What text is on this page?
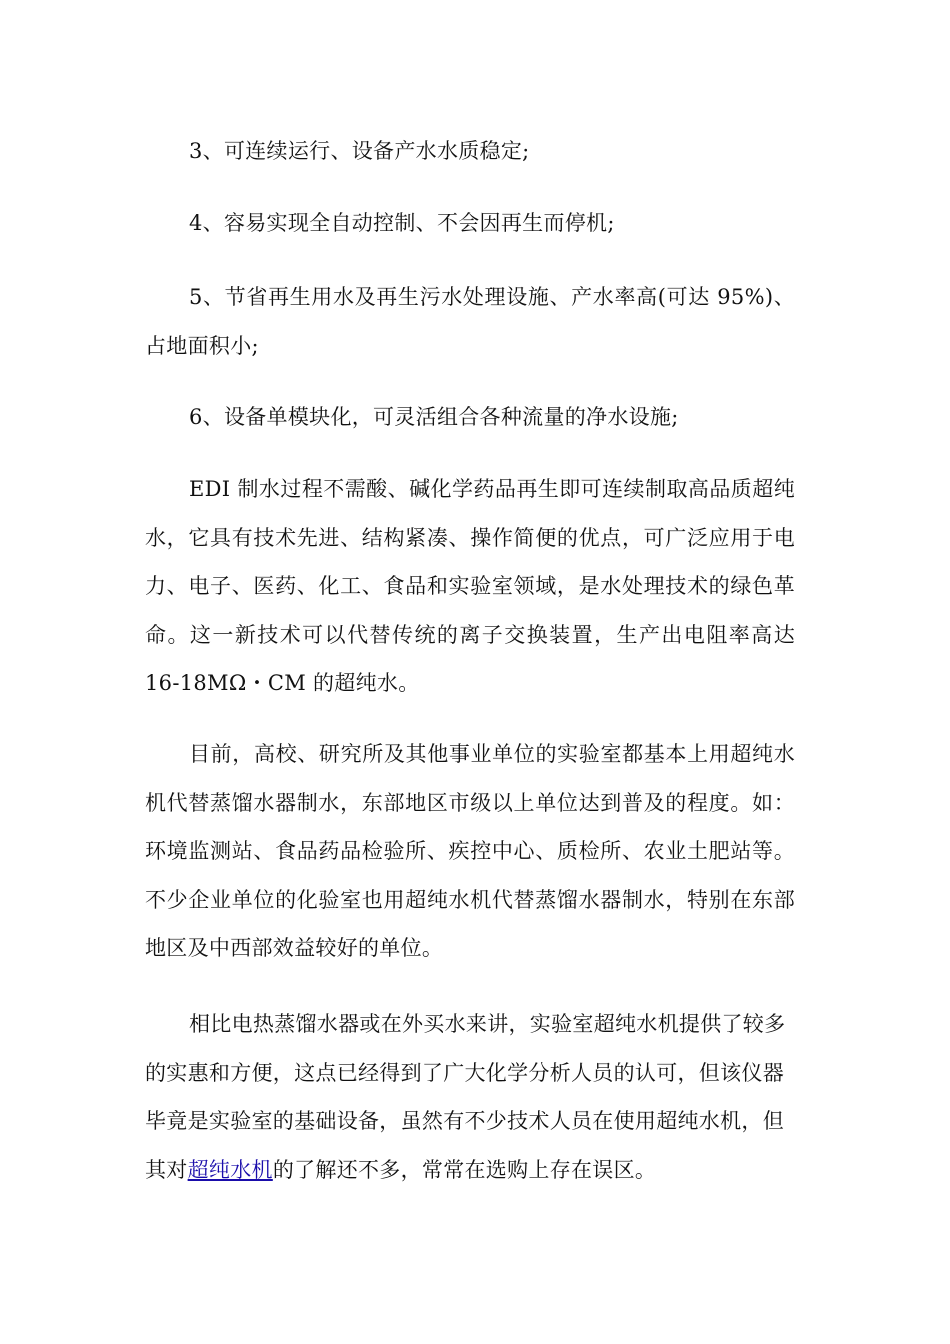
3、可连续运行、设备产水水质稳定;

4、容易实现全自动控制、不会因再生而停机;

5、节省再生用水及再生污水处理设施、产水率高(可达 95%)、占地面积小;

6、设备单模块化，可灵活组合各种流量的净水设施;

EDI 制水过程不需酸、碱化学药品再生即可连续制取高品质超纯水，它具有技术先进、结构紧凑、操作简便的优点，可广泛应用于电力、电子、医药、化工、食品和实验室领域，是水处理技术的绿色革命。这一新技术可以代替传统的离子交换装置，生产出电阻率高达 16-18MΩ・CM 的超纯水。

目前，高校、研究所及其他事业单位的实验室都基本上用超纯水机代替蒸馏水器制水，东部地区市级以上单位达到普及的程度。如：环境监测站、食品药品检验所、疾控中心、质检所、农业土肥站等。不少企业单位的化验室也用超纯水机代替蒸馏水器制水，特别在东部地区及中西部效益较好的单位。

相比电热蒸馏水器或在外买水来讲，实验室超纯水机提供了较多的实惠和方便，这点已经得到了广大化学分析人员的认可，但该仪器毕竟是实验室的基础设备，虽然有不少技术人员在使用超纯水机，但其对超纯水机的了解还不多，常常在选购上存在误区。
